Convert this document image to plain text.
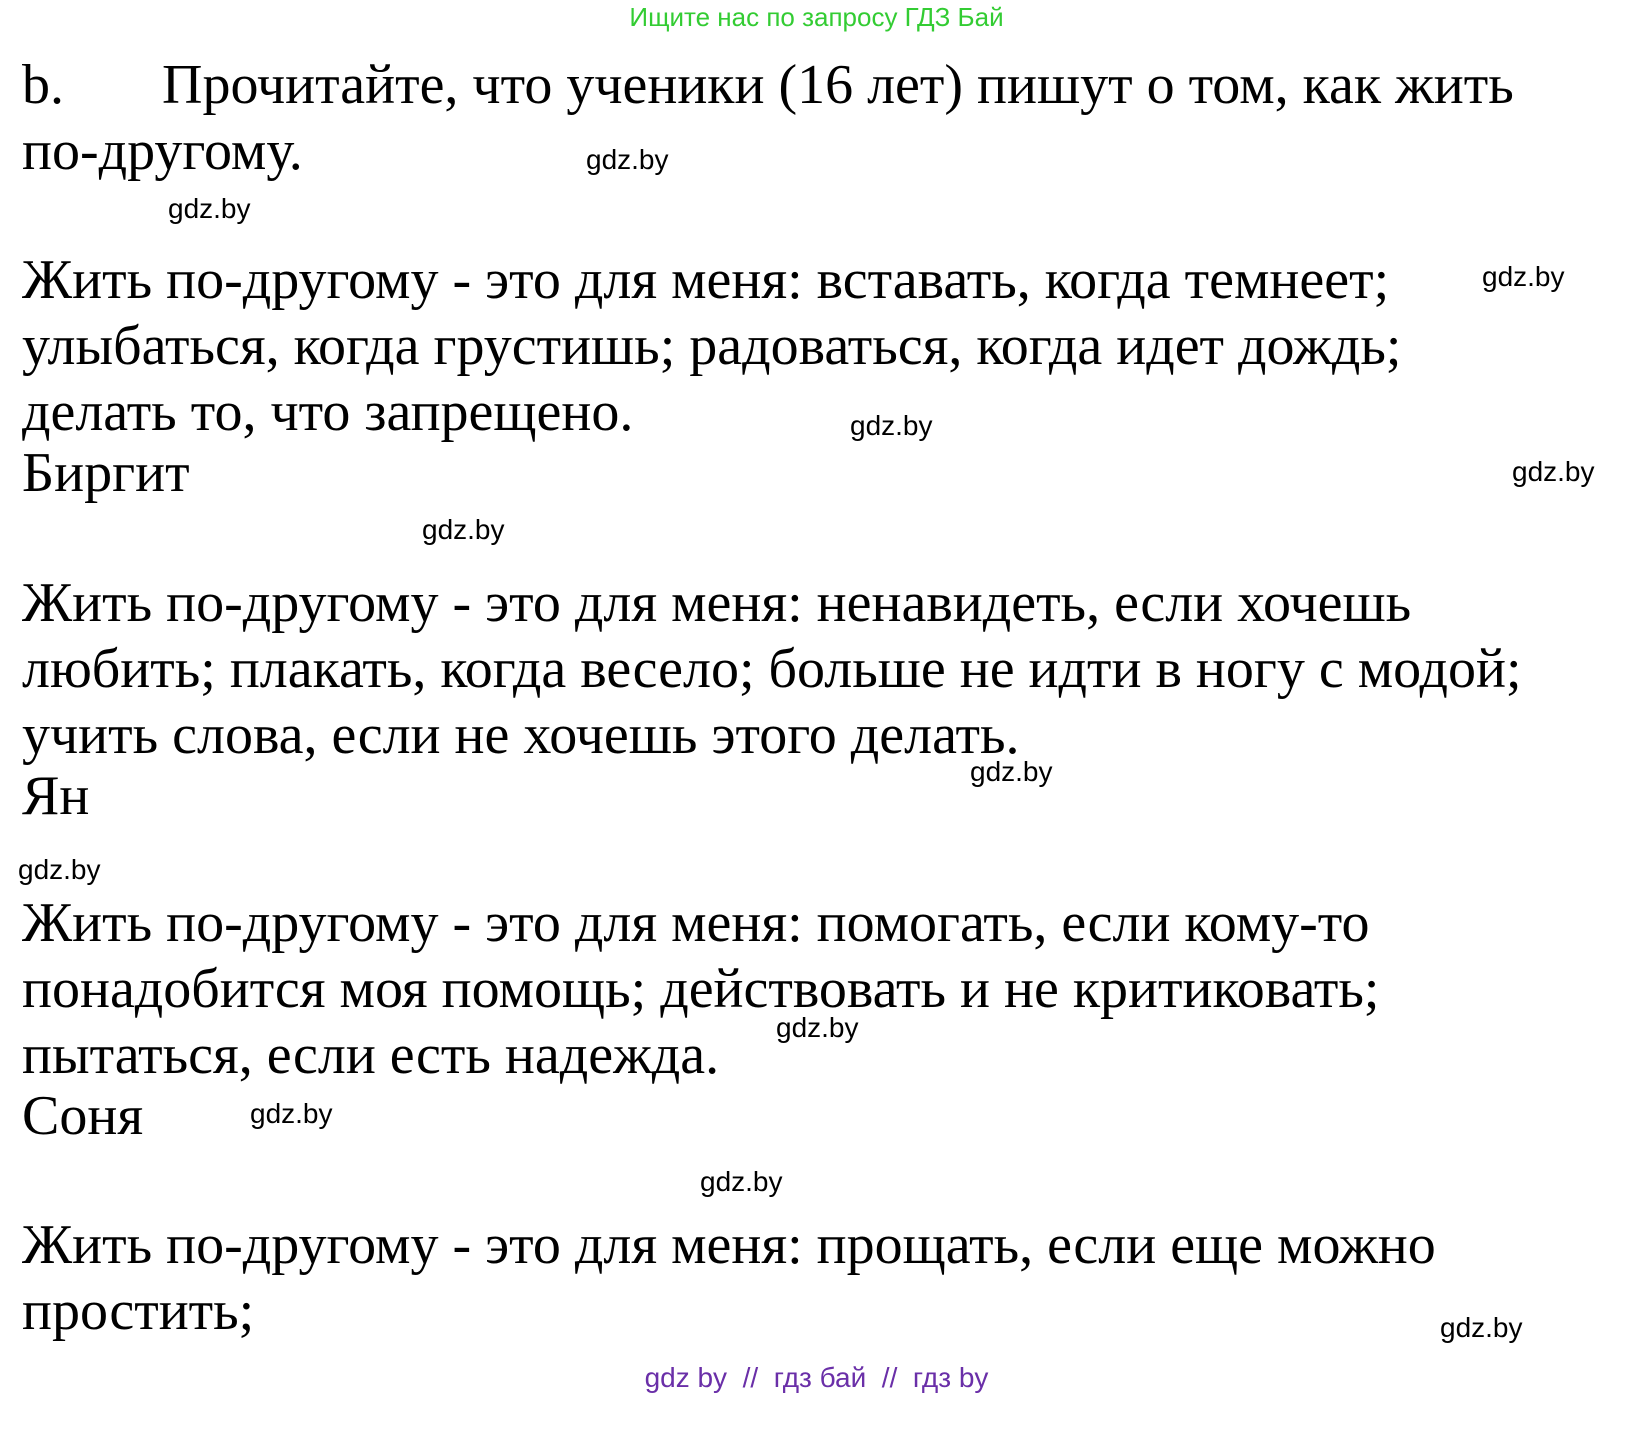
Ищите нас по запросу ГДЗ Бай
b. Прочитайте, что ученики (16 лет) пишут о том, как жить
по-другому.
Жить по-другому - это для меня: вставать, когда темнеет;
улыбаться, когда грустишь; радоваться, когда идет дождь;
делать то, что запрещено.
Биргит
Жить по-другому - это для меня: ненавидеть, если хочешь
любить; плакать, когда весело; больше не идти в ногу с модой;
учить слова, если не хочешь этого делать.
Ян
Жить по-другому - это для меня: помогать, если кому-то
понадобится моя помощь; действовать и не критиковать;
пытаться, если есть надежда.
Соня
Жить по-другому - это для меня: прощать, если еще можно
простить;
gdz.by
gdz.by
gdz.by
gdz.by
gdz.by
gdz.by
gdz.by
gdz.by
gdz.by
gdz.by
gdz.by
gdz.by
gdz by  //  гдз бай  //  гдз by
